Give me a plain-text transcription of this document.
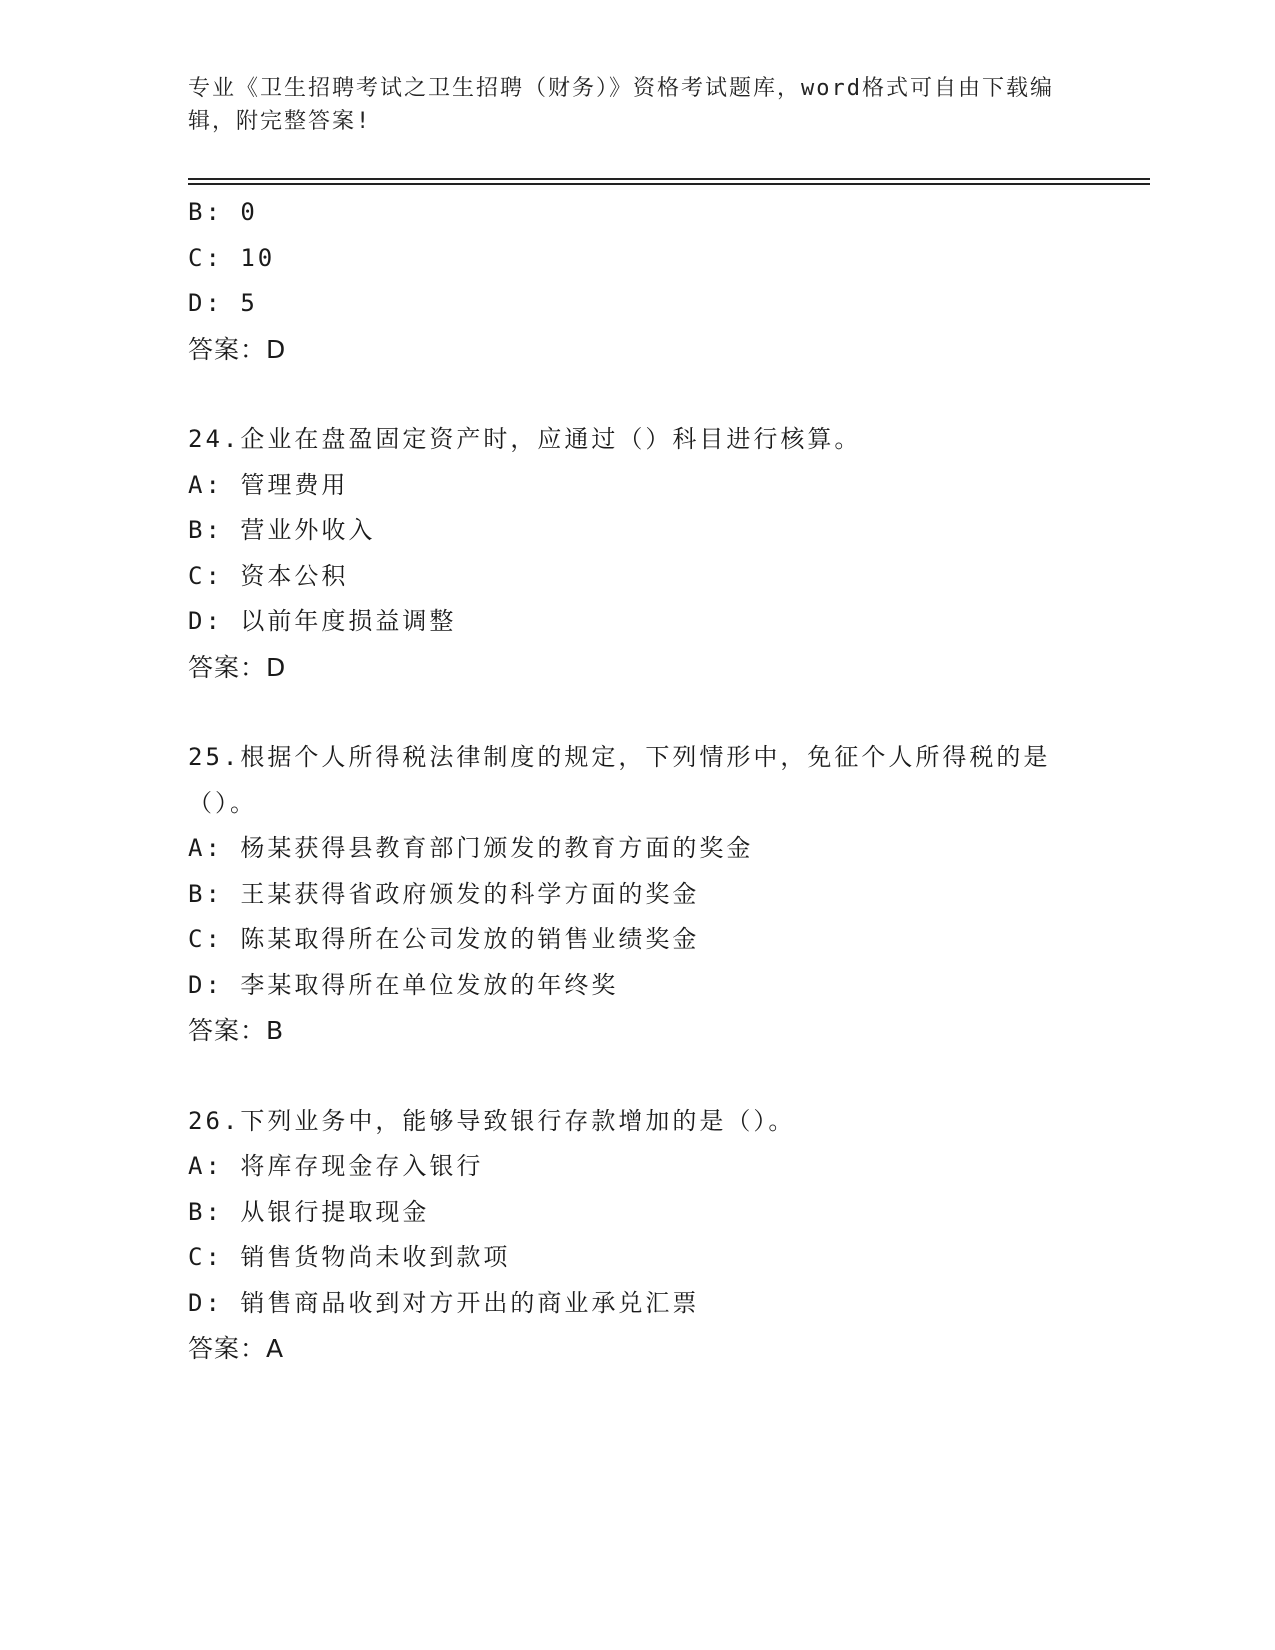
专业《卫生招聘考试之卫生招聘（财务）》资格考试题库，word格式可自由下载编辑，附完整答案!
B: 0
C: 10
D: 5
答案：D
24.企业在盘盈固定资产时，应通过（）科目进行核算。
A: 管理费用
B: 营业外收入
C: 资本公积
D: 以前年度损益调整
答案：D
25.根据个人所得税法律制度的规定，下列情形中，免征个人所得税的是（）。
A: 杨某获得县教育部门颁发的教育方面的奖金
B: 王某获得省政府颁发的科学方面的奖金
C: 陈某取得所在公司发放的销售业绩奖金
D: 李某取得所在单位发放的年终奖
答案：B
26.下列业务中，能够导致银行存款增加的是（）。
A: 将库存现金存入银行
B: 从银行提取现金
C: 销售货物尚未收到款项
D: 销售商品收到对方开出的商业承兑汇票
答案：A
